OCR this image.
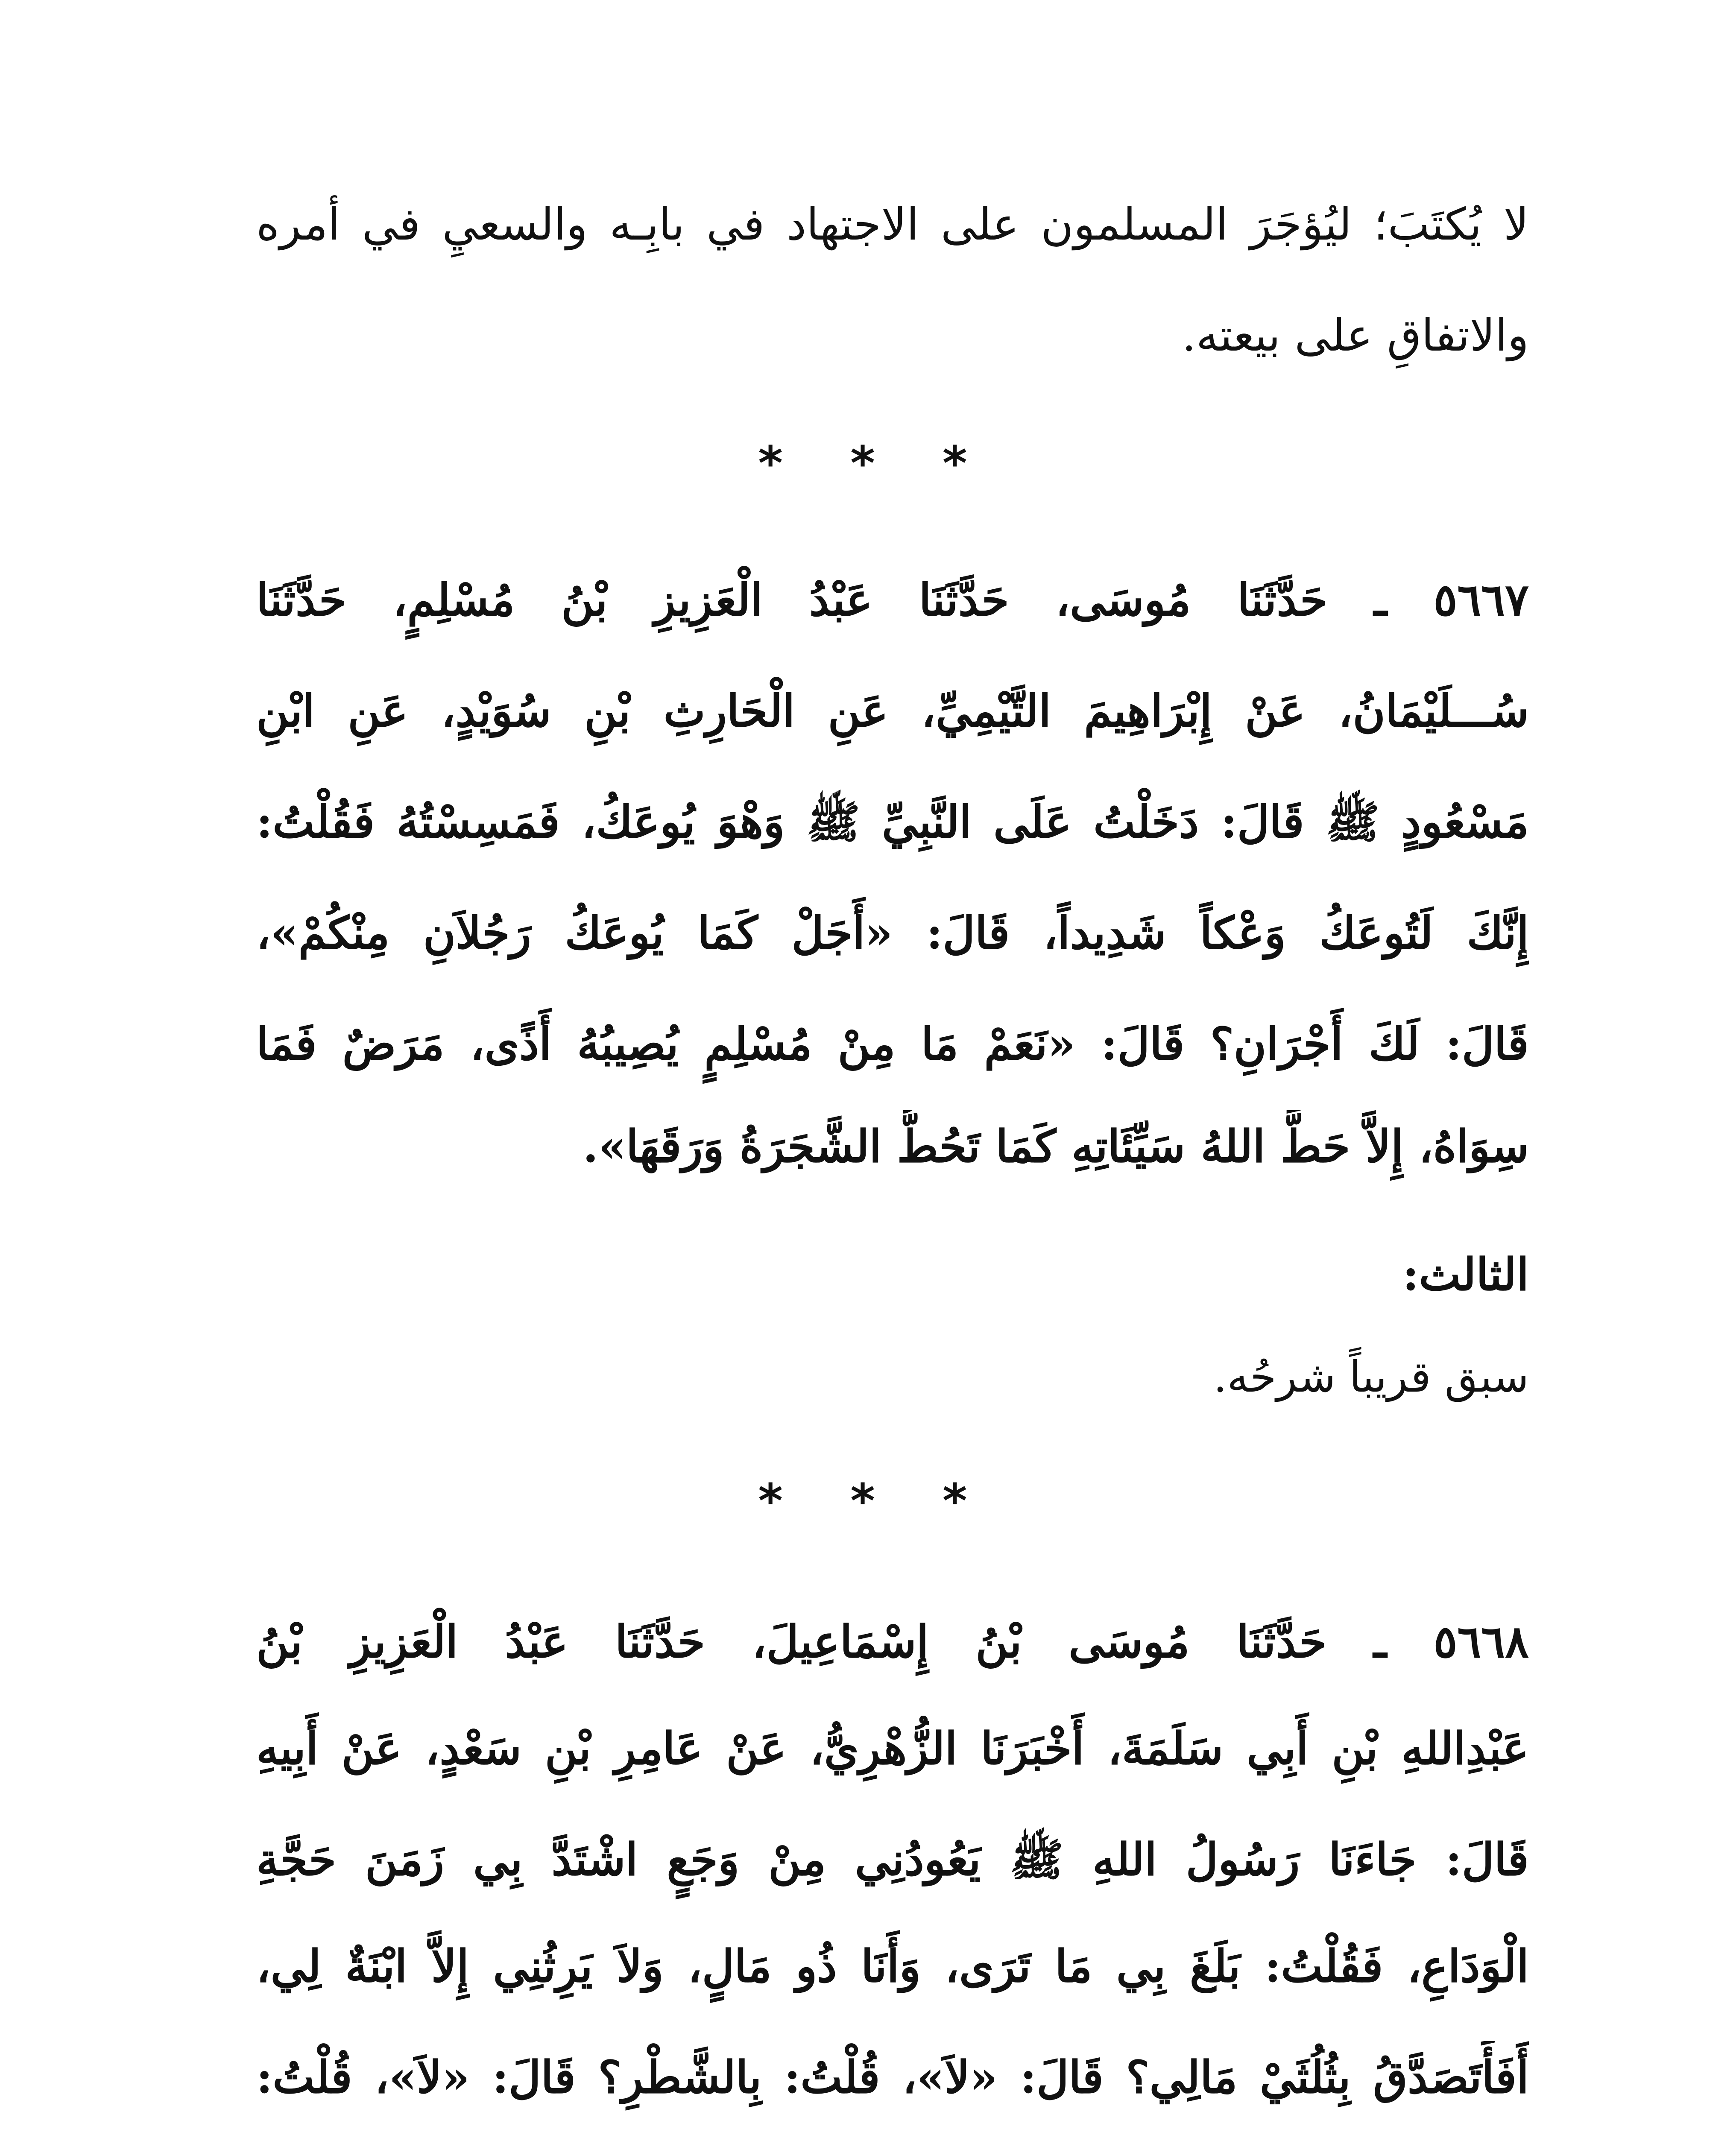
لا يُكتَبَ؛ ليُؤجَرَ المسلمون على الاجتهاد في بابِـه والسعيِ في أمره
والاتفاقِ على بيعته.
* * *
٥٦٦٧ ـ حَدَّثَنَا مُوسَى، حَدَّثَنَا عَبْدُ الْعَزِيزِ بْنُ مُسْلِمٍ، حَدَّثَنَا
سُـــلَيْمَانُ، عَنْ إِبْرَاهِيمَ التَّيْمِيِّ، عَنِ الْحَارِثِ بْنِ سُوَيْدٍ، عَنِ ابْنِ
مَسْعُودٍ ﷺ قَالَ: دَخَلْتُ عَلَى النَّبِيِّ ﷺ وَهْوَ يُوعَكُ، فَمَسِسْتُهُ فَقُلْتُ:
إِنَّكَ لَتُوعَكُ وَعْكاً شَدِيداً، قَالَ: «أَجَلْ كَمَا يُوعَكُ رَجُلاَنِ مِنْكُمْ»،
قَالَ: لَكَ أَجْرَانِ؟ قَالَ: «نَعَمْ مَا مِنْ مُسْلِمٍ يُصِيبُهُ أَذًى، مَرَضٌ فَمَا
سِوَاهُ، إِلاَّ حَطَّ اللهُ سَيِّئَاتِهِ كَمَا تَحُطُّ الشَّجَرَةُ وَرَقَهَا».
الثالث:
سبق قريباً شرحُه.
* * *
٥٦٦٨ ـ حَدَّثَنَا مُوسَى بْنُ إِسْمَاعِيلَ، حَدَّثَنَا عَبْدُ الْعَزِيزِ بْنُ
عَبْدِاللهِ بْنِ أَبِي سَلَمَةَ، أَخْبَرَنَا الزُّهْرِيُّ، عَنْ عَامِرِ بْنِ سَعْدٍ، عَنْ أَبِيهِ
قَالَ: جَاءَنَا رَسُولُ اللهِ ﷺ يَعُودُنِي مِنْ وَجَعٍ اشْتَدَّ بِي زَمَنَ حَجَّةِ
الْوَدَاعِ، فَقُلْتُ: بَلَغَ بِي مَا تَرَى، وَأَنَا ذُو مَالٍ، وَلاَ يَرِثُنِي إِلاَّ ابْنَةٌ لِي،
أَفَأَتَصَدَّقُ بِثُلُثَيْ مَالِي؟ قَالَ: «لاَ»، قُلْتُ: بِالشَّطْرِ؟ قَالَ: «لاَ»، قُلْتُ:
